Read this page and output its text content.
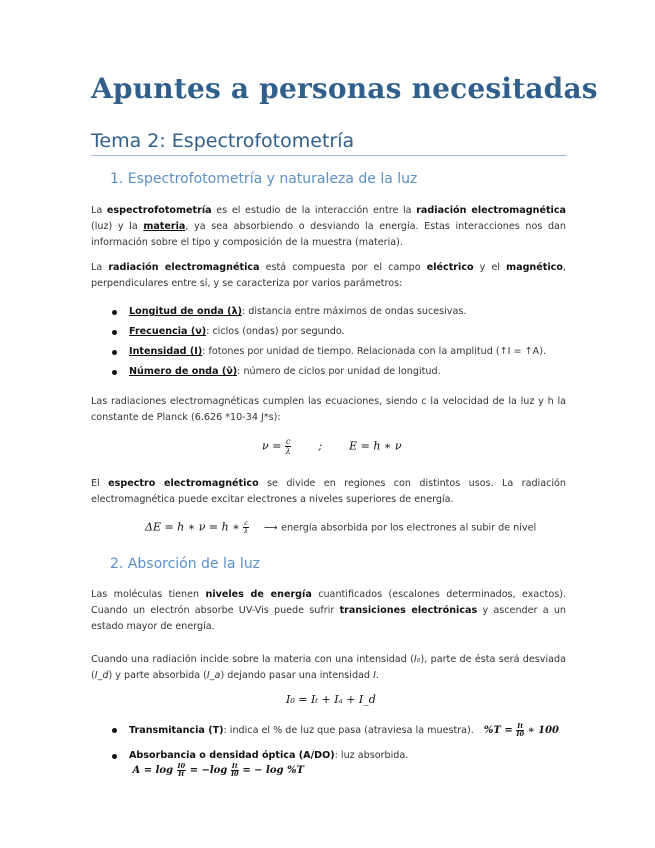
Apuntes a personas necesitadas
Tema 2: Espectrofotometría
1. Espectrofotometría y naturaleza de la luz
La espectrofotometría es el estudio de la interacción entre la radiación electromagnética (luz) y la materia, ya sea absorbiendo o desviando la energía. Estas interacciones nos dan información sobre el tipo y composición de la muestra (materia).
La radiación electromagnética está compuesta por el campo eléctrico y el magnético, perpendiculares entre sí, y se caracteriza por varios parámetros:
Longitud de onda (λ): distancia entre máximos de ondas sucesivas.
Frecuencia (ν): ciclos (ondas) por segundo.
Intensidad (I): fotones por unidad de tiempo. Relacionada con la amplitud (↑I = ↑A).
Número de onda (ν̄): número de ciclos por unidad de longitud.
Las radiaciones electromagnéticas cumplen las ecuaciones, siendo c la velocidad de la luz y h la constante de Planck (6.626 *10-34 J*s):
$\nu = \frac{c}{\lambda}$ ; E = h ∗ ν
El espectro electromagnético se divide en regiones con distintos usos. La radiación electromagnética puede excitar electrones a niveles superiores de energía.
ΔE = h ∗ ν = h ∗ $\frac{c}{\lambda}$ ⟶ energía absorbida por los electrones al subir de nivel
2. Absorción de la luz
Las moléculas tienen niveles de energía cuantificados (escalones determinados, exactos). Cuando un electrón absorbe UV-Vis puede sufrir transiciones electrónicas y ascender a un estado mayor de energía.
Cuando una radiación incide sobre la materia con una intensidad (I₀), parte de ésta será desviada (I_d) y parte absorbida (I_a) dejando pasar una intensidad I.
I₀ = Iₜ + Iₐ + I_d
Transmitancia (T): indica el % de luz que pasa (atraviesa la muestra). $\%T = \frac{It}{I0}$ ∗ 100
Absorbancia o densidad óptica (A/DO): luz absorbida.  $A = \log \frac{I0}{It} = -\log \frac{It}{I0}$ = − log %T
